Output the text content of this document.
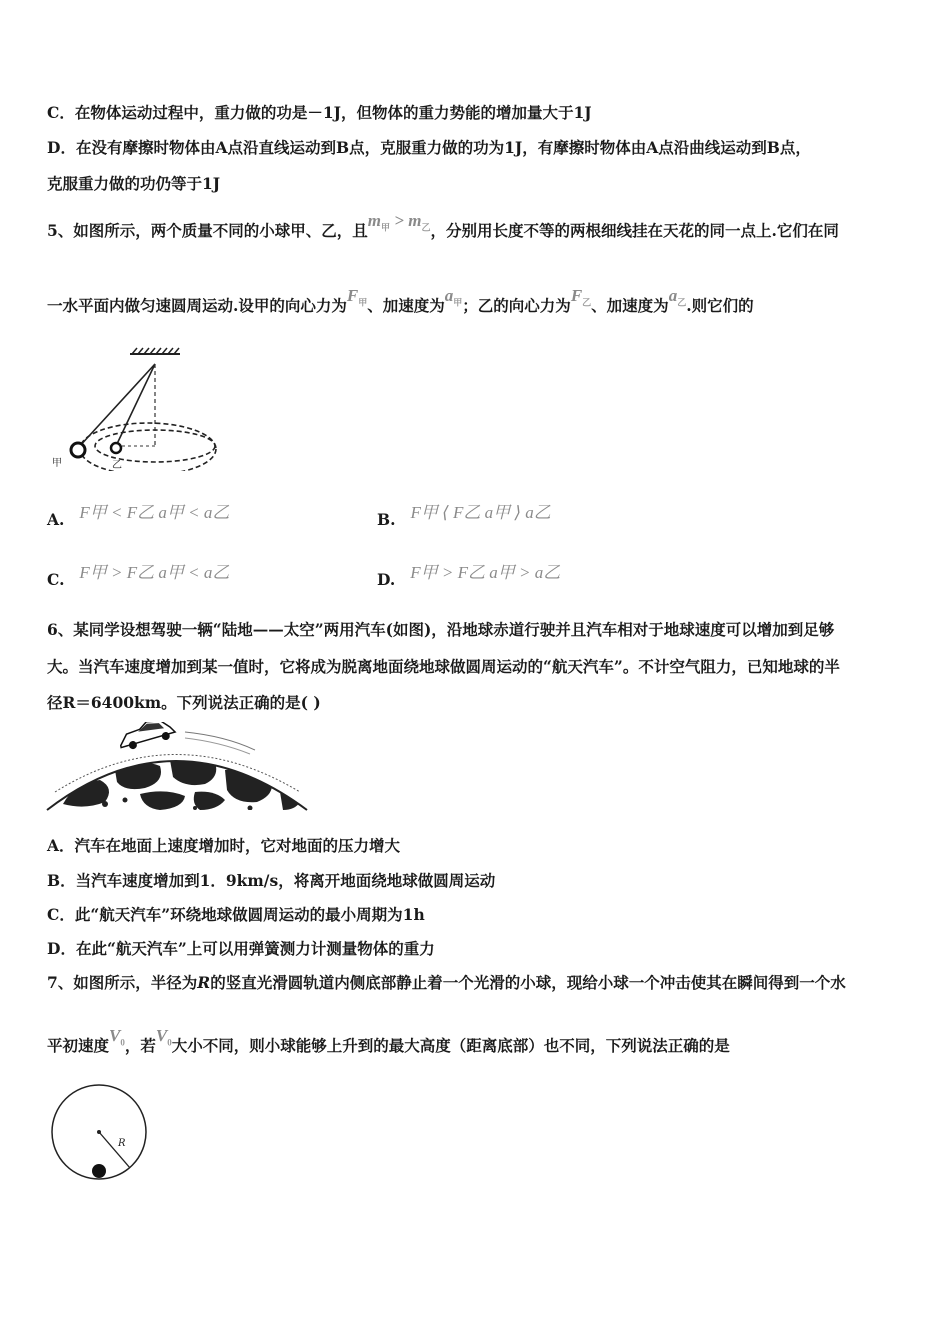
C．在物体运动过程中，重力做的功是－1J，但物体的重力势能的增加量大于1J
D．在没有摩擦时物体由A点沿直线运动到B点，克服重力做的功为1J，有摩擦时物体由A点沿曲线运动到B点，
克服重力做的功仍等于1J
5、如图所示，两个质量不同的小球甲、乙，且$m_甲 > m_乙$，分别用长度不等的两根细线挂在天花的同一点上.它们在同
一水平面内做匀速圆周运动.设甲的向心力为$F_甲$、加速度为$a_甲$；乙的向心力为$F_乙$、加速度为$a_乙$.则它们的
甲	乙
A. F甲 < F乙 a甲 < a乙	B. F甲 ⟨ F乙 a甲 ⟩ a乙
C. F甲 > F乙 a甲 < a乙	D. F甲 > F乙 a甲 > a乙
6、某同学设想驾驶一辆“陆地——太空”两用汽车(如图)，沿地球赤道行驶并且汽车相对于地球速度可以增加到足够
大。当汽车速度增加到某一值时，它将成为脱离地面绕地球做圆周运动的“航天汽车”。不计空气阻力，已知地球的半
径R＝6400km。下列说法正确的是( )
A．汽车在地面上速度增加时，它对地面的压力增大
B．当汽车速度增加到1．9km/s，将离开地面绕地球做圆周运动
C．此“航天汽车”环绕地球做圆周运动的最小周期为1h
D．在此“航天汽车”上可以用弹簧测力计测量物体的重力
7、如图所示，半径为R的竖直光滑圆轨道内侧底部静止着一个光滑的小球，现给小球一个冲击使其在瞬间得到一个水
平初速度$V_0$，若$V_0$大小不同，则小球能够上升到的最大高度（距离底部）也不同，下列说法正确的是
R
